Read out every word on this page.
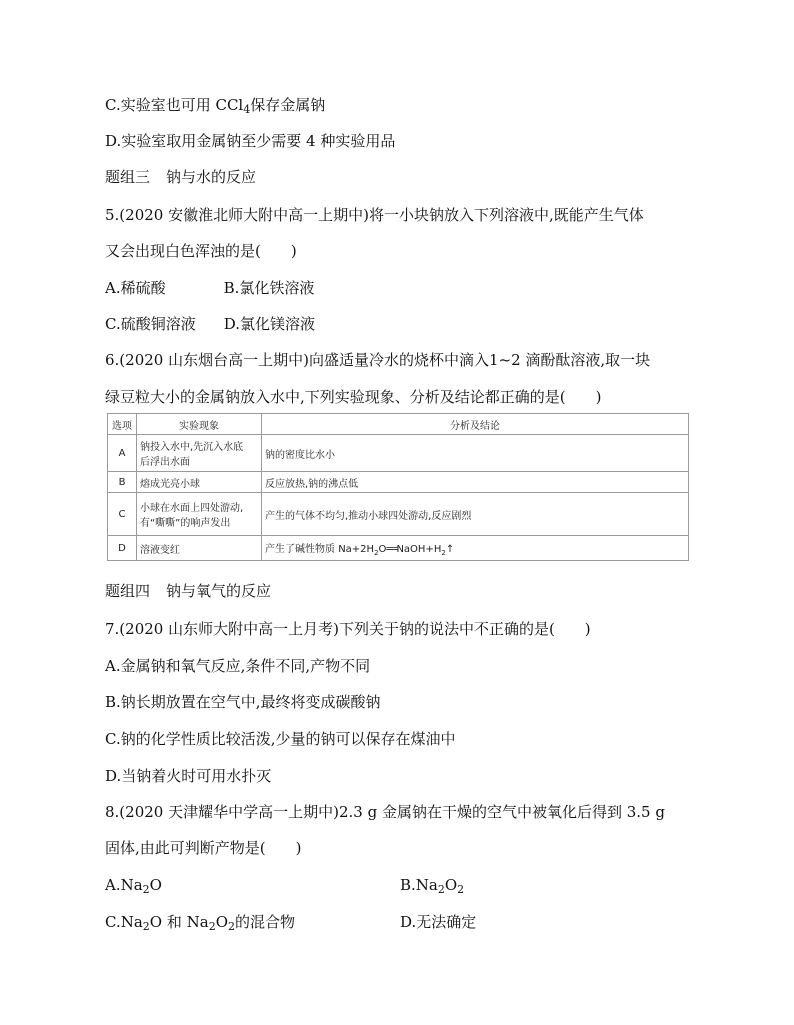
C.实验室也可用 CCl$_4$保存金属钠
D.实验室取用金属钠至少需要 4 种实验用品
题组三 钠与水的反应
5.(2020 安徽淮北师大附中高一上期中)将一小块钠放入下列溶液中,既能产生气体
又会出现白色浑浊的是(　　)
A.稀硫酸	B.氯化铁溶液
C.硫酸铜溶液 D.氯化镁溶液
6.(2020 山东烟台高一上期中)向盛适量冷水的烧杯中滴入1~2 滴酚酞溶液,取一块
绿豆粒大小的金属钠放入水中,下列实验现象、分析及结论都正确的是(　　)
选项	实验现象	分析及结论
A	钠投入水中,先沉入水底
后浮出水面	钠的密度比水小
B	熔成光亮小球	反应放热,钠的沸点低
C	小球在水面上四处游动,
有“嘶嘶”的响声发出	产生的气体不均匀,推动小球四处游动,反应剧烈
D	溶液变红	产生了碱性物质 $Na+2H_2O══NaOH+H_2↑$
题组四 钠与氧气的反应
7.(2020 山东师大附中高一上月考)下列关于钠的说法中不正确的是(　　)
A.金属钠和氧气反应,条件不同,产物不同
B.钠长期放置在空气中,最终将变成碳酸钠
C.钠的化学性质比较活泼,少量的钠可以保存在煤油中
D.当钠着火时可用水扑灭
8.(2020 天津耀华中学高一上期中)2.3 g 金属钠在干燥的空气中被氧化后得到 3.5 g
固体,由此可判断产物是(　　)
$A.Na_2O$	$B.Na_2O_2$
$C.Na_2O$ 和 $Na_2O_2$的混合物	D.无法确定
